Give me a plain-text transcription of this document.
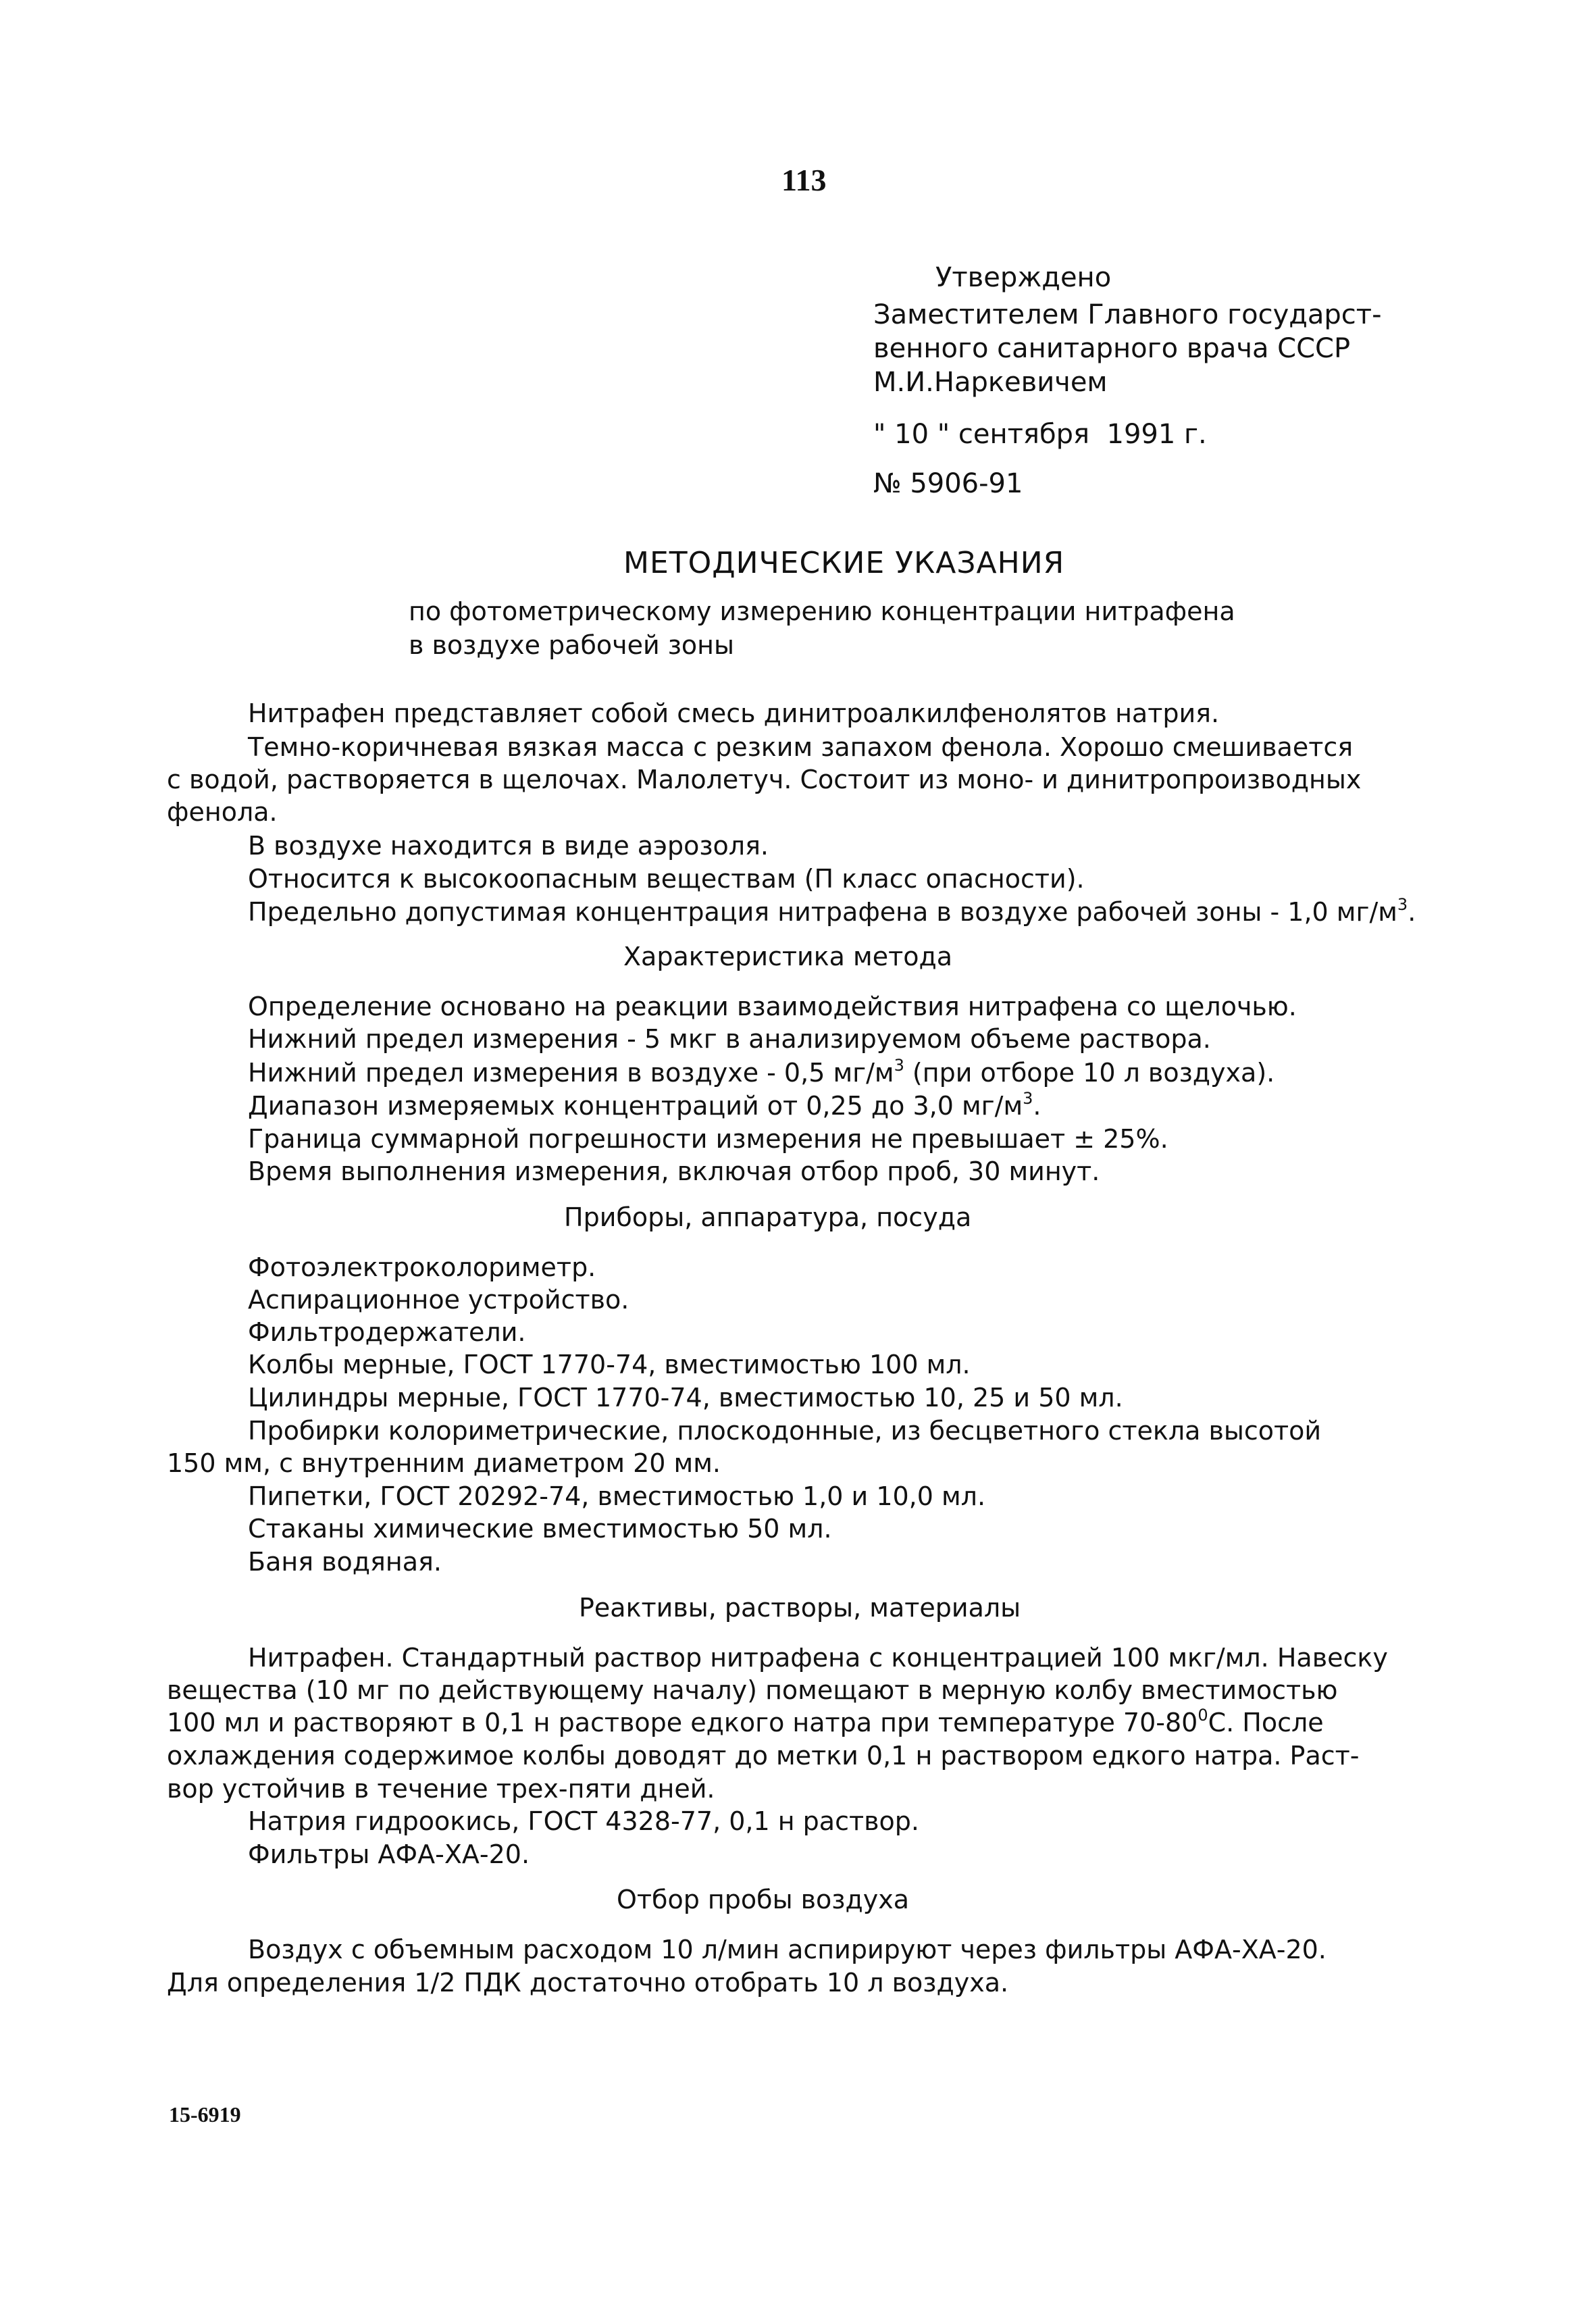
113
Утверждено
Заместителем Главного государст-
венного санитарного врача СССР
М.И.Наркевичем
" 10 " сентября  1991 г.
№ 5906-91
МЕТОДИЧЕСКИЕ УКАЗАНИЯ
по фотометрическому измерению концентрации нитрафена
в воздухе рабочей зоны
Нитрафен представляет собой смесь динитроалкилфенолятов натрия.
Темно-коричневая вязкая масса с резким запахом фенола. Хорошо смешивается
с водой, растворяется в щелочах. Малолетуч. Состоит из моно- и динитропроизводных
фенола.
В воздухе находится в виде аэрозоля.
Относится к высокоопасным веществам (П класс опасности).
Предельно допустимая концентрация нитрафена в воздухе рабочей зоны - 1,0 $мг/м^3$.
Характеристика метода
Определение основано на реакции взаимодействия нитрафена со щелочью.
Нижний предел измерения - 5 мкг в анализируемом объеме раствора.
Нижний предел измерения в воздухе - 0,5 $мг/м^3$ (при отборе 10 л воздуха).
Диапазон измеряемых концентраций от 0,25 до 3,0 $мг/м^3$.
Граница суммарной погрешности измерения не превышает ± 25%.
Время выполнения измерения, включая отбор проб, 30 минут.
Приборы, аппаратура, посуда
Фотоэлектроколориметр.
Аспирационное устройство.
Фильтродержатели.
Колбы мерные, ГОСТ 1770-74, вместимостью 100 мл.
Цилиндры мерные, ГОСТ 1770-74, вместимостью 10, 25 и 50 мл.
Пробирки колориметрические, плоскодонные, из бесцветного стекла высотой
150 мм, с внутренним диаметром 20 мм.
Пипетки, ГОСТ 20292-74, вместимостью 1,0 и 10,0 мл.
Стаканы химические вместимостью 50 мл.
Баня водяная.
Реактивы, растворы, материалы
Нитрафен. Стандартный раствор нитрафена с концентрацией 100 мкг/мл. Навеску
вещества (10 мг по действующему началу) помещают в мерную колбу вместимостью
100 мл и растворяют в 0,1 н растворе едкого натра при температуре $70-80^0С$. После
охлаждения содержимое колбы доводят до метки 0,1 н раствором едкого натра. Раст-
вор устойчив в течение трех-пяти дней.
Натрия гидроокись, ГОСТ 4328-77, 0,1 н раствор.
Фильтры АФА-ХА-20.
Отбор пробы воздуха
Воздух с объемным расходом 10 л/мин аспирируют через фильтры АФА-ХА-20.
Для определения 1/2 ПДК достаточно отобрать 10 л воздуха.
15-6919
